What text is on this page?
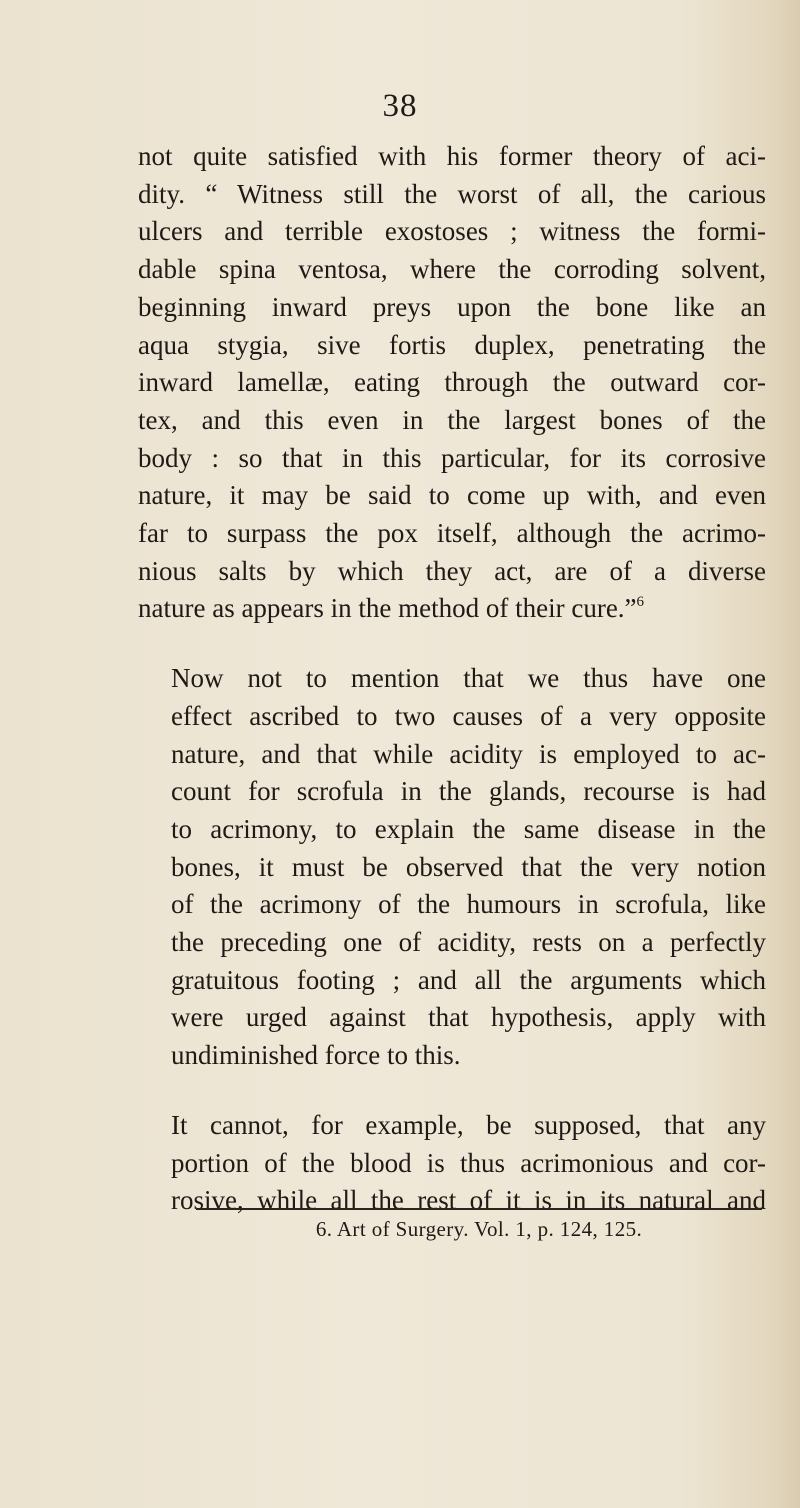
38

not quite satisfied with his former theory of aci-
dity. “ Witness still the worst of all, the carious
ulcers and terrible exostoses ; witness the formi-
dable spina ventosa, where the corroding solvent,
beginning inward preys upon the bone like an
aqua stygia, sive fortis duplex, penetrating the
inward lamellæ, eating through the outward cor-
tex, and this even in the largest bones of the
body : so that in this particular, for its corrosive
nature, it may be said to come up with, and even
far to surpass the pox itself, although the acrimo-
nious salts by which they act, are of a diverse
nature as appears in the method of their cure.”$^6$

Now not to mention that we thus have one
effect ascribed to two causes of a very opposite
nature, and that while acidity is employed to ac-
count for scrofula in the glands, recourse is had
to acrimony, to explain the same disease in the
bones, it must be observed that the very notion
of the acrimony of the humours in scrofula, like
the preceding one of acidity, rests on a perfectly
gratuitous footing ; and all the arguments which
were urged against that hypothesis, apply with
undiminished force to this.

It cannot, for example, be supposed, that any
portion of the blood is thus acrimonious and cor-
rosive, while all the rest of it is in its natural and

6. Art of Surgery. Vol. 1, p. 124, 125.
